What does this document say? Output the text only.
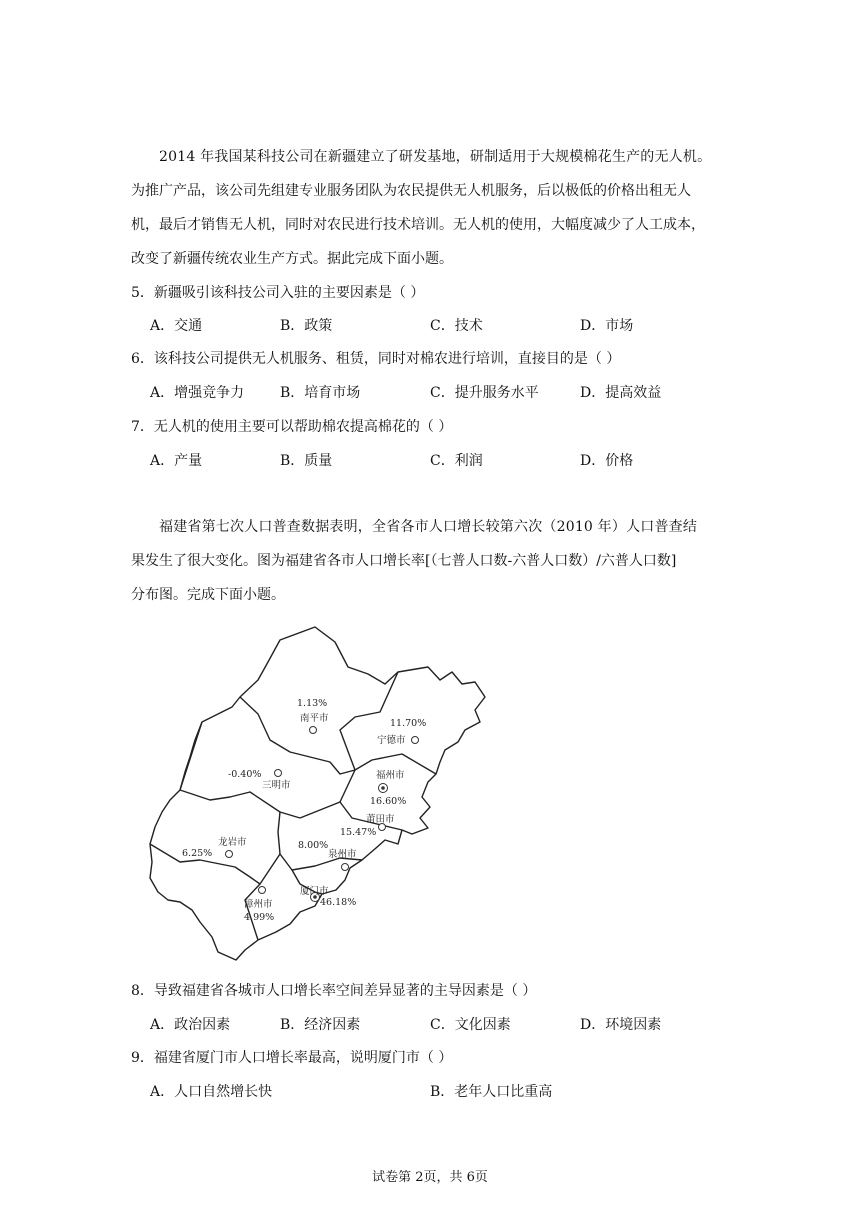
2014 年我国某科技公司在新疆建立了研发基地，研制适用于大规模棉花生产的无人机。
为推广产品，该公司先组建专业服务团队为农民提供无人机服务，后以极低的价格出租无人
机，最后才销售无人机，同时对农民进行技术培训。无人机的使用，大幅度减少了人工成本，
改变了新疆传统农业生产方式。据此完成下面小题。
5．新疆吸引该科技公司入驻的主要因素是（ ）
A．交通	B．政策	C．技术	D．市场
6．该科技公司提供无人机服务、租赁，同时对棉农进行培训，直接目的是（ ）
A．增强竞争力	B．培育市场	C．提升服务水平	D．提高效益
7．无人机的使用主要可以帮助棉农提高棉花的（ ）
A．产量	B．质量	C．利润	D．价格
福建省第七次人口普查数据表明，全省各市人口增长较第六次（2010 年）人口普查结
果发生了很大变化。图为福建省各市人口增长率[（七普人口数-六普人口数）/六普人口数]
分布图。完成下面小题。
1.13%
南平市	11.70%
宁德市
-0.40%
三明市
福州市
16.60%
莆田市
15.47%
龙岩市
6.25%
8.00%
泉州市
厦门市
46.18%
漳州市
4.99%
8．导致福建省各城市人口增长率空间差异显著的主导因素是（ ）
A．政治因素	B．经济因素	C．文化因素	D．环境因素
9．福建省厦门市人口增长率最高，说明厦门市（ ）
A．人口自然增长快	B．老年人口比重高
试卷第 2页，共 6页
